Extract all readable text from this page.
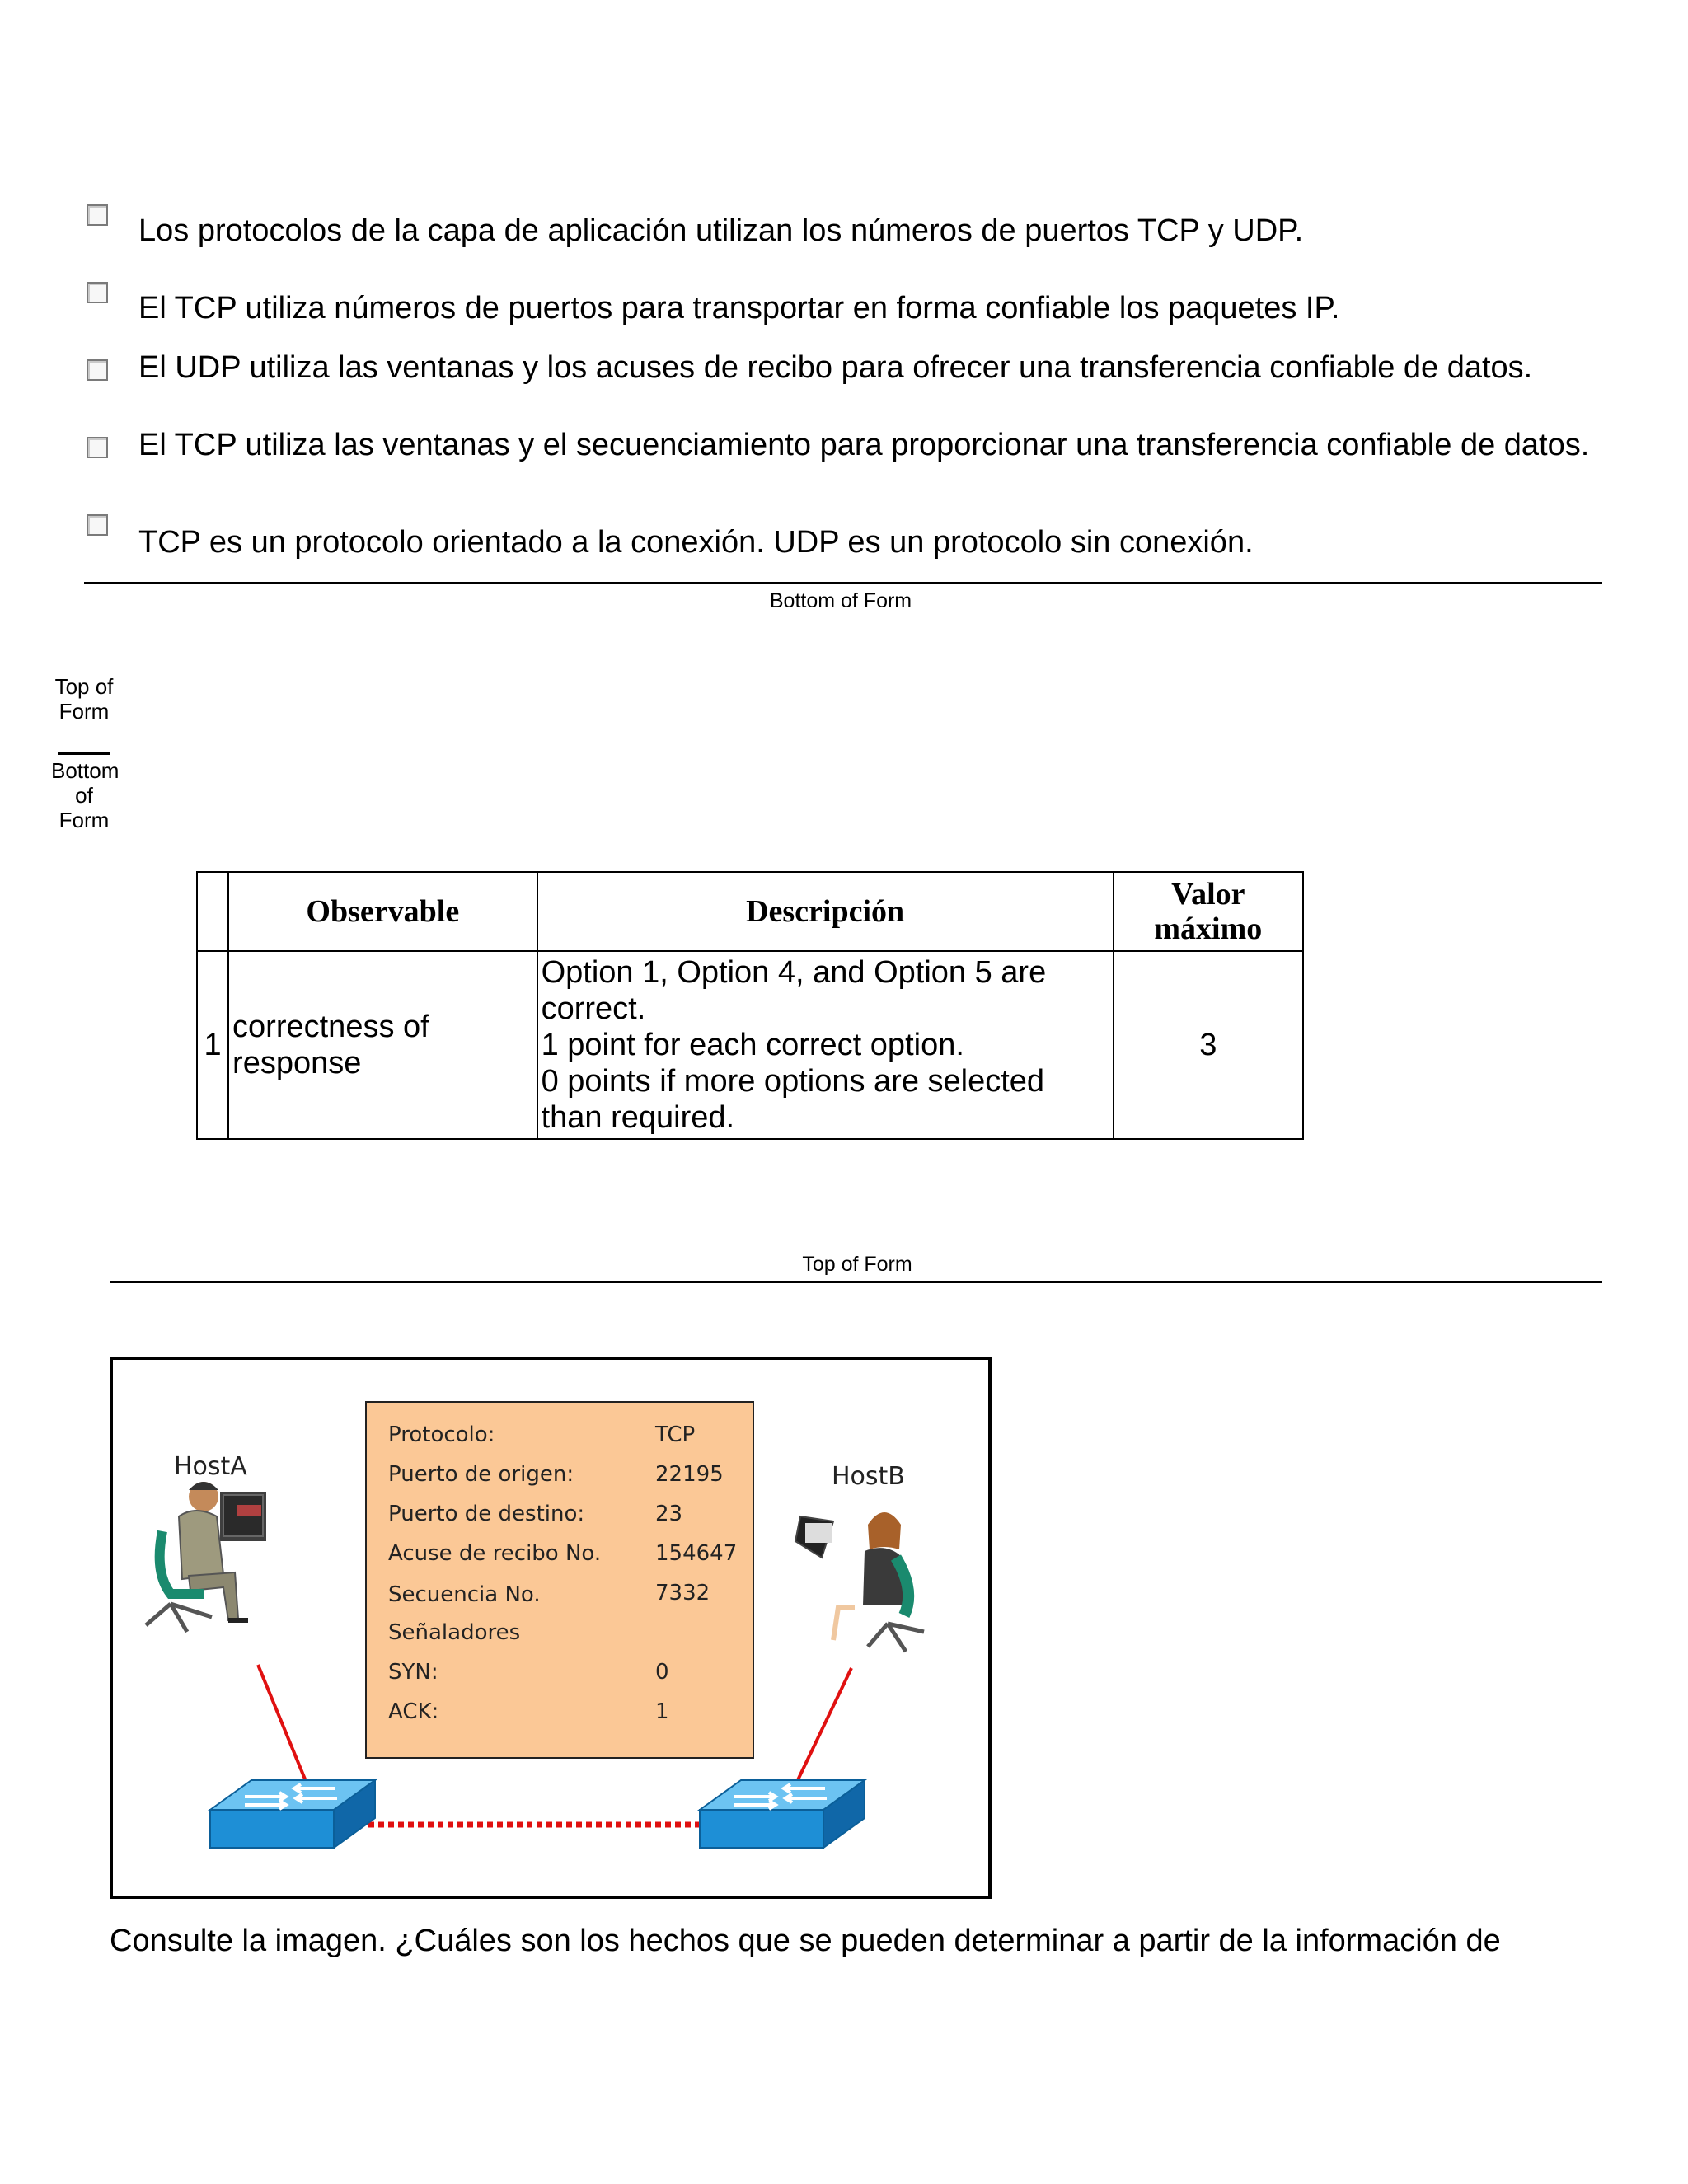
Los protocolos de la capa de aplicación utilizan los números de puertos TCP y UDP.
El TCP utiliza números de puertos para transportar en forma confiable los paquetes IP.
El UDP utiliza las ventanas y los acuses de recibo para ofrecer una transferencia confiable de datos.
El TCP utiliza las ventanas y el secuenciamiento para proporcionar una transferencia confiable de datos.
TCP es un protocolo orientado a la conexión. UDP es un protocolo sin conexión.
Bottom of Form
Top of Form
Bottom of Form
	Observable	Descripción	Valor máximo
1	correctness of response	Option 1, Option 4, and Option 5 are correct.
1 point for each correct option.
0 points if more options are selected than required.	3
Top of Form
HostA	HostB
Protocolo:	TCP
Puerto de origen:	22195
Puerto de destino:	23
Acuse de recibo No.	154647
Secuencia No.	7332
Señaladores
SYN:	0
ACK:	1
Consulte la imagen. ¿Cuáles son los hechos que se pueden determinar a partir de la información de
